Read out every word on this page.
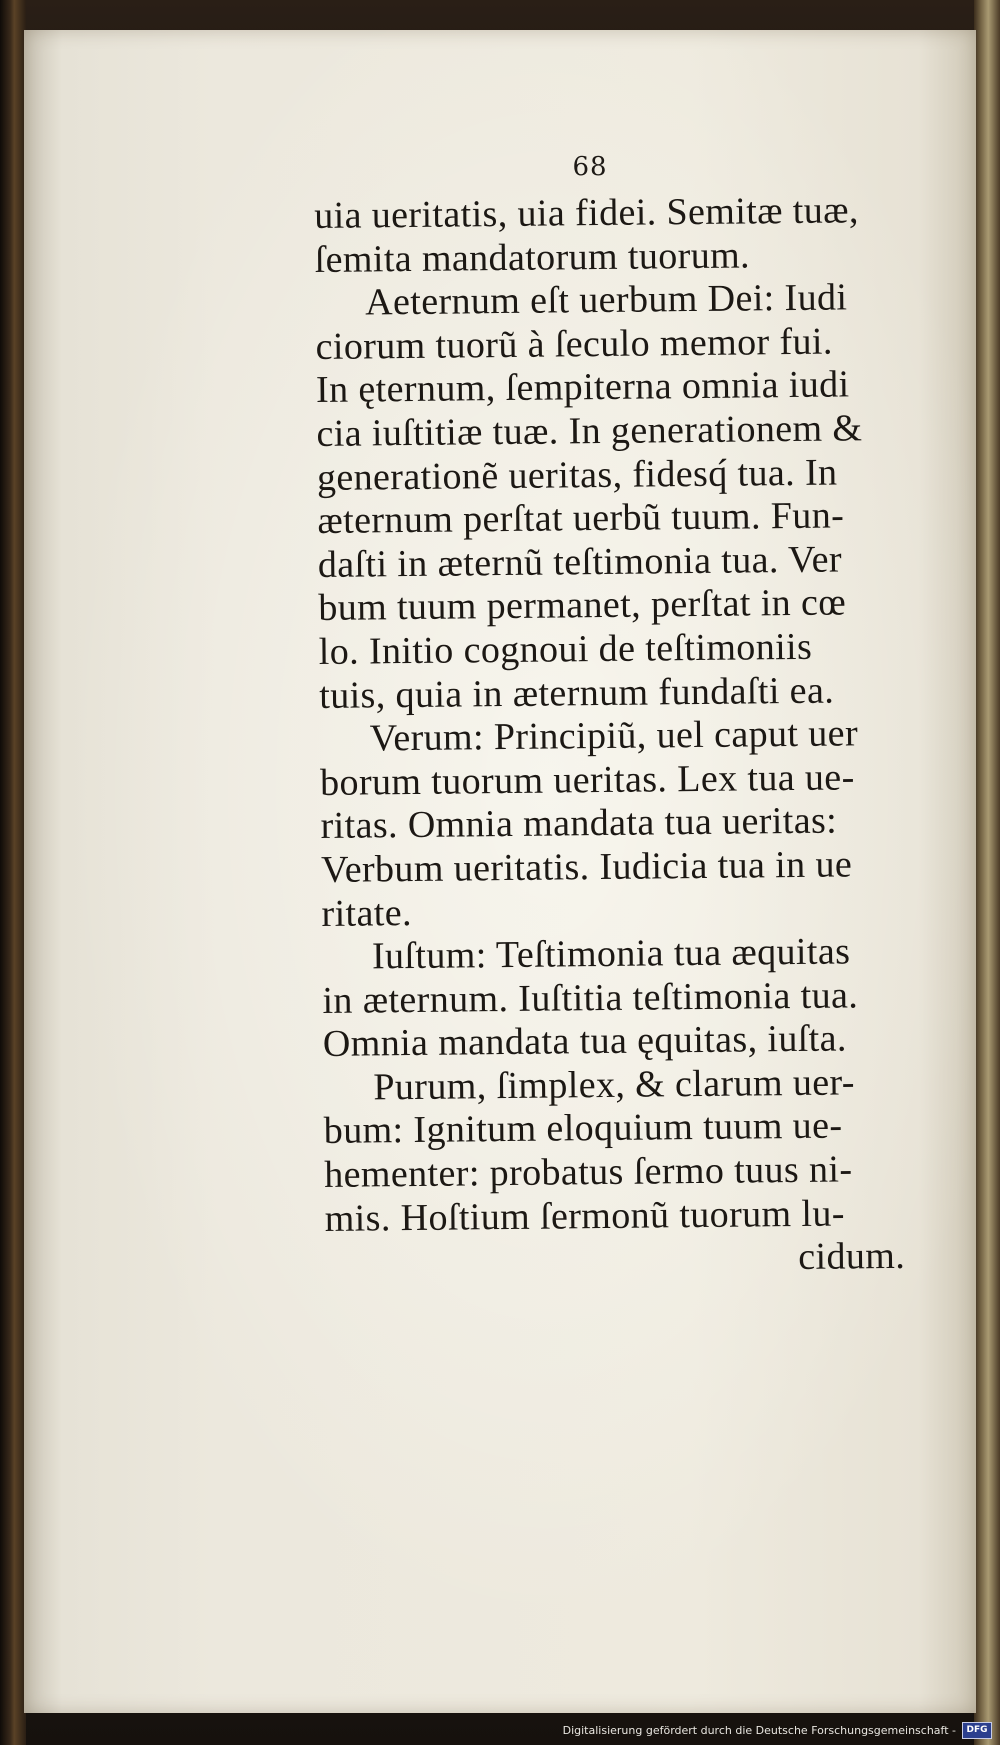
68
uia ueritatis, uia fidei. Semitæ tuæ,
ſemita mandatorum tuorum.
Aeternum eſt uerbum Dei: Iudi
ciorum tuorũ à ſeculo memor fui.
In ęternum, ſempiterna omnia iudi
cia iuſtitiæ tuæ. In generationem &
generationẽ ueritas, fidesq́ tua. In
æternum perſtat uerbũ tuum. Fun-
daſti in æternũ teſtimonia tua. Ver
bum tuum permanet, perſtat in cœ
lo. Initio cognoui de teſtimoniis
tuis, quia in æternum fundaſti ea.
Verum: Principiũ, uel caput uer
borum tuorum ueritas. Lex tua ue-
ritas. Omnia mandata tua ueritas:
Verbum ueritatis. Iudicia tua in ue
ritate.
Iuſtum: Teſtimonia tua æquitas
in æternum. Iuſtitia teſtimonia tua.
Omnia mandata tua ęquitas, iuſta.
Purum, ſimplex, & clarum uer-
bum: Ignitum eloquium tuum ue-
hementer: probatus ſermo tuus ni-
mis. Hoſtium ſermonũ tuorum lu-
cidum.
Digitalisierung gefördert durch die Deutsche Forschungsgemeinschaft -	DFG
